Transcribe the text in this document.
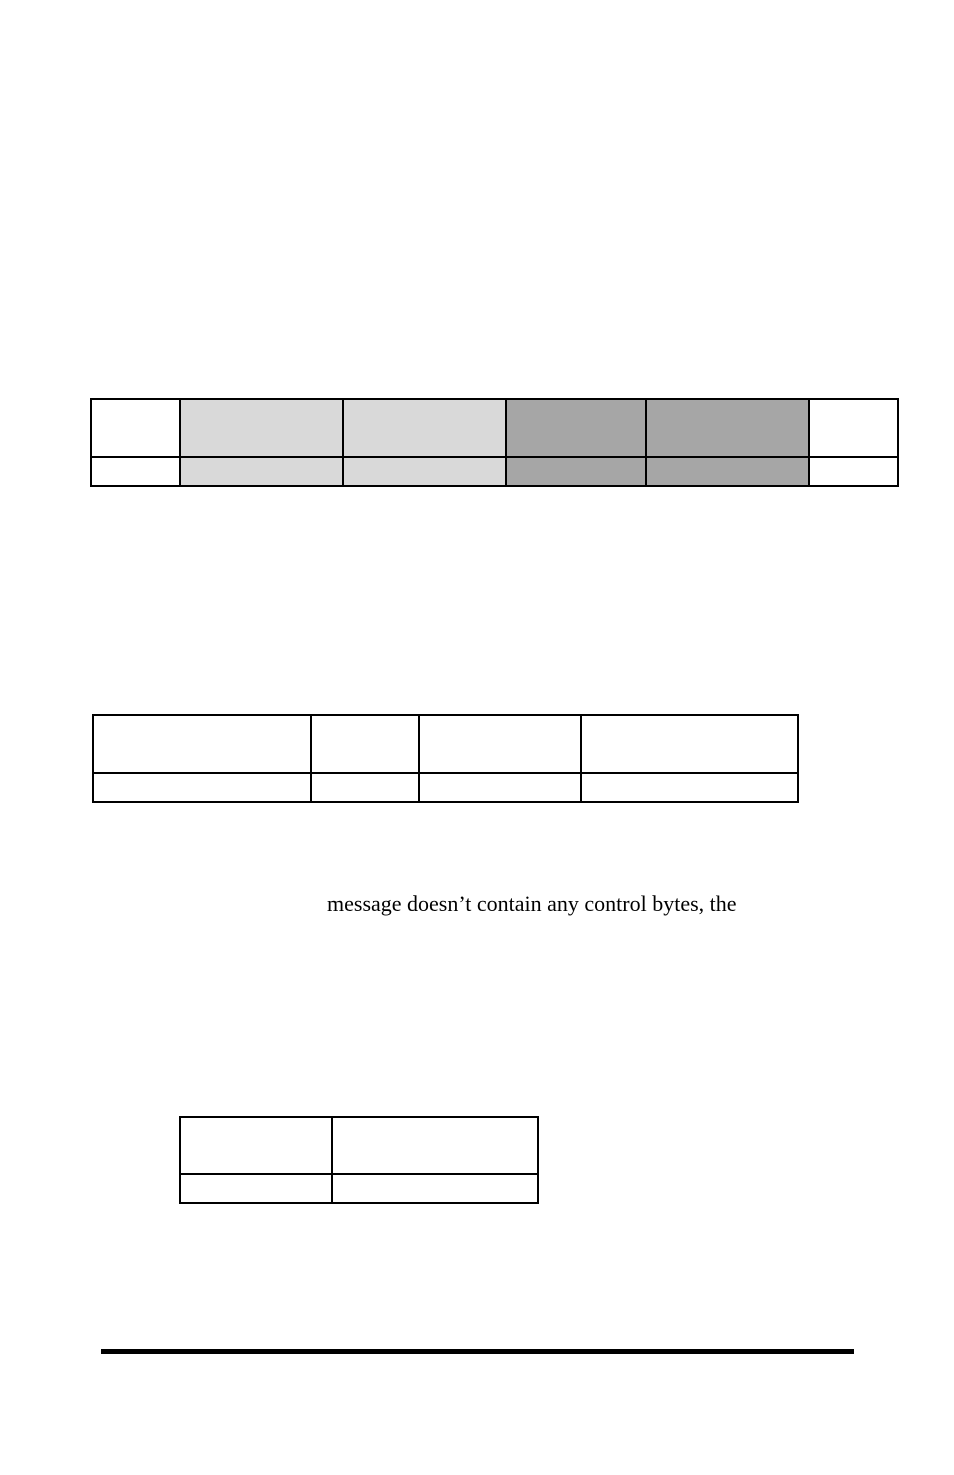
message doesn’t contain any control bytes, the
